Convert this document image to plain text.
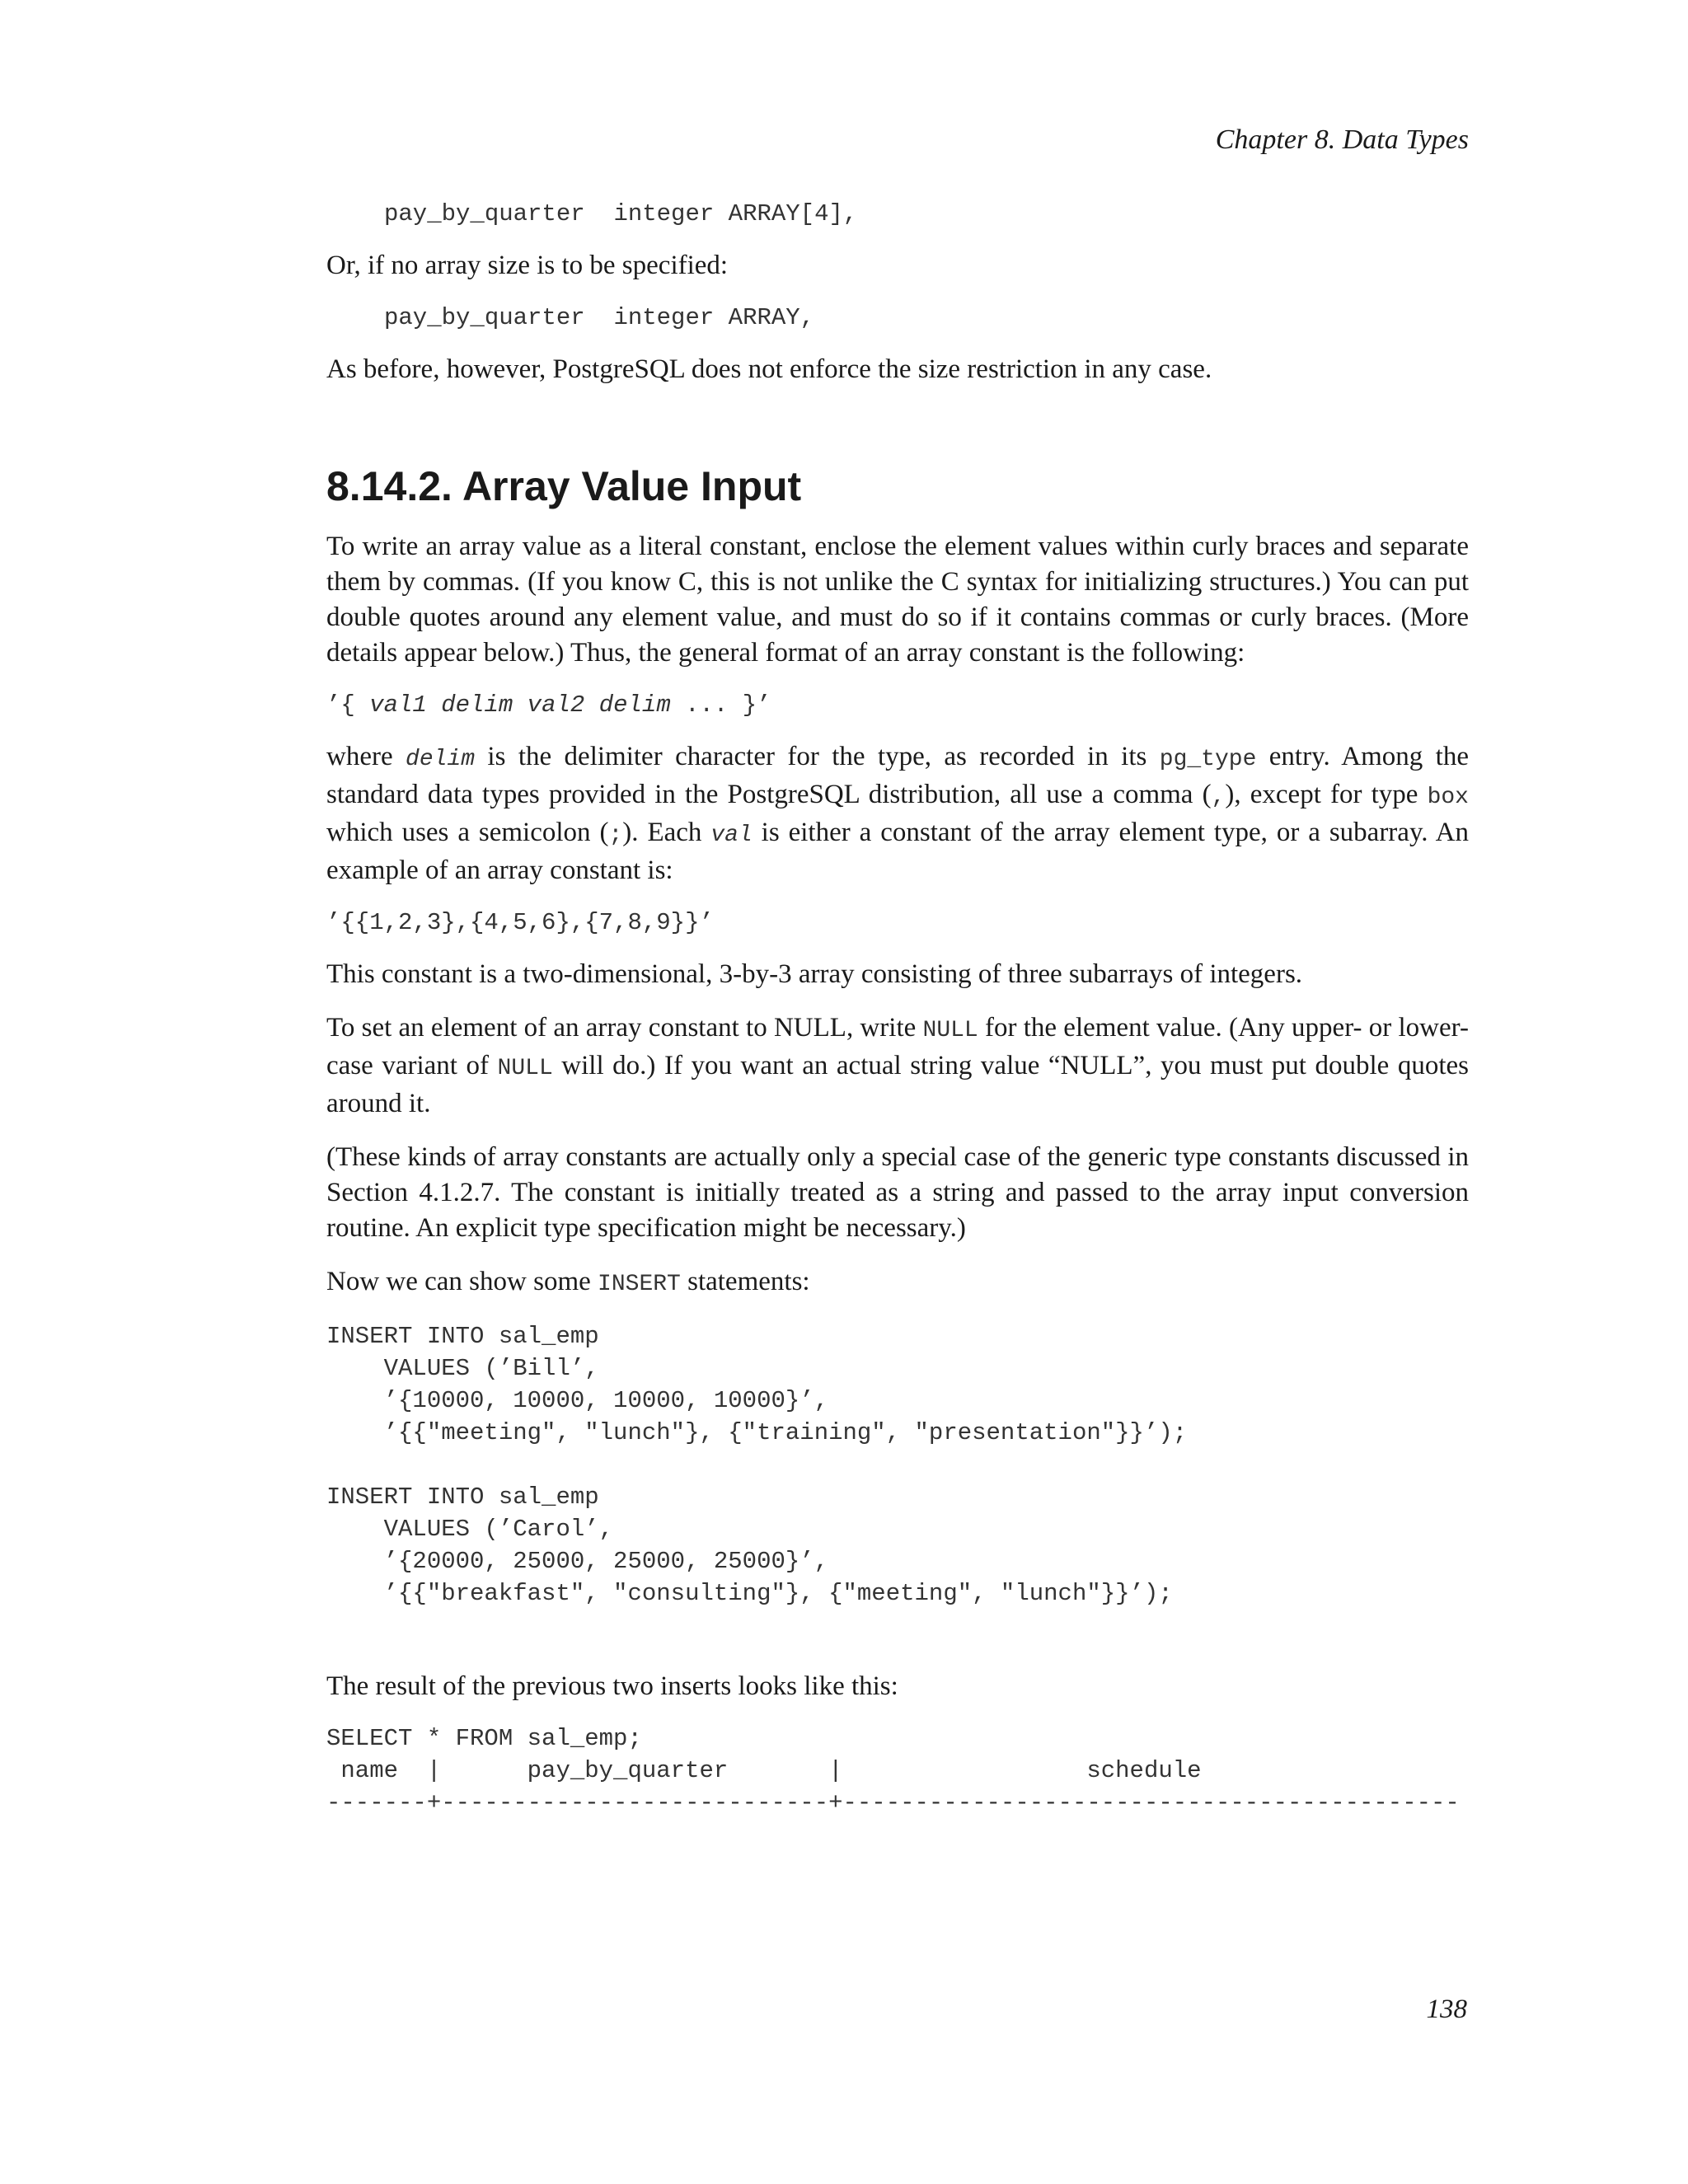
Chapter 8. Data Types
pay_by_quarter  integer ARRAY[4],

Or, if no array size is to be specified:

pay_by_quarter  integer ARRAY,

As before, however, PostgreSQL does not enforce the size restriction in any case.

8.14.2. Array Value Input

To write an array value as a literal constant, enclose the element values within curly braces and separate them by commas. (If you know C, this is not unlike the C syntax for initializing structures.) You can put double quotes around any element value, and must do so if it contains commas or curly braces. (More details appear below.) Thus, the general format of an array constant is the following:

’{ val1 delim val2 delim ... }’

where delim is the delimiter character for the type, as recorded in its pg_type entry. Among the standard data types provided in the PostgreSQL distribution, all use a comma (,), except for type box which uses a semicolon (;). Each val is either a constant of the array element type, or a subarray. An example of an array constant is:

’{{1,2,3},{4,5,6},{7,8,9}}’

This constant is a two-dimensional, 3-by-3 array consisting of three subarrays of integers.

To set an element of an array constant to NULL, write NULL for the element value. (Any upper- or lower-case variant of NULL will do.) If you want an actual string value “NULL”, you must put double quotes around it.

(These kinds of array constants are actually only a special case of the generic type constants discussed in Section 4.1.2.7. The constant is initially treated as a string and passed to the array input conversion routine. An explicit type specification might be necessary.)

Now we can show some INSERT statements:

INSERT INTO sal_emp
VALUES (’Bill’,
’{10000, 10000, 10000, 10000}’,
’{{"meeting", "lunch"}, {"training", "presentation"}}’);

INSERT INTO sal_emp
VALUES (’Carol’,
’{20000, 25000, 25000, 25000}’,
’{{"breakfast", "consulting"}, {"meeting", "lunch"}}’);

The result of the previous two inserts looks like this:

SELECT * FROM sal_emp;
name  |      pay_by_quarter       |                 schedule
-------+---------------------------+-------------------------------------------
138
